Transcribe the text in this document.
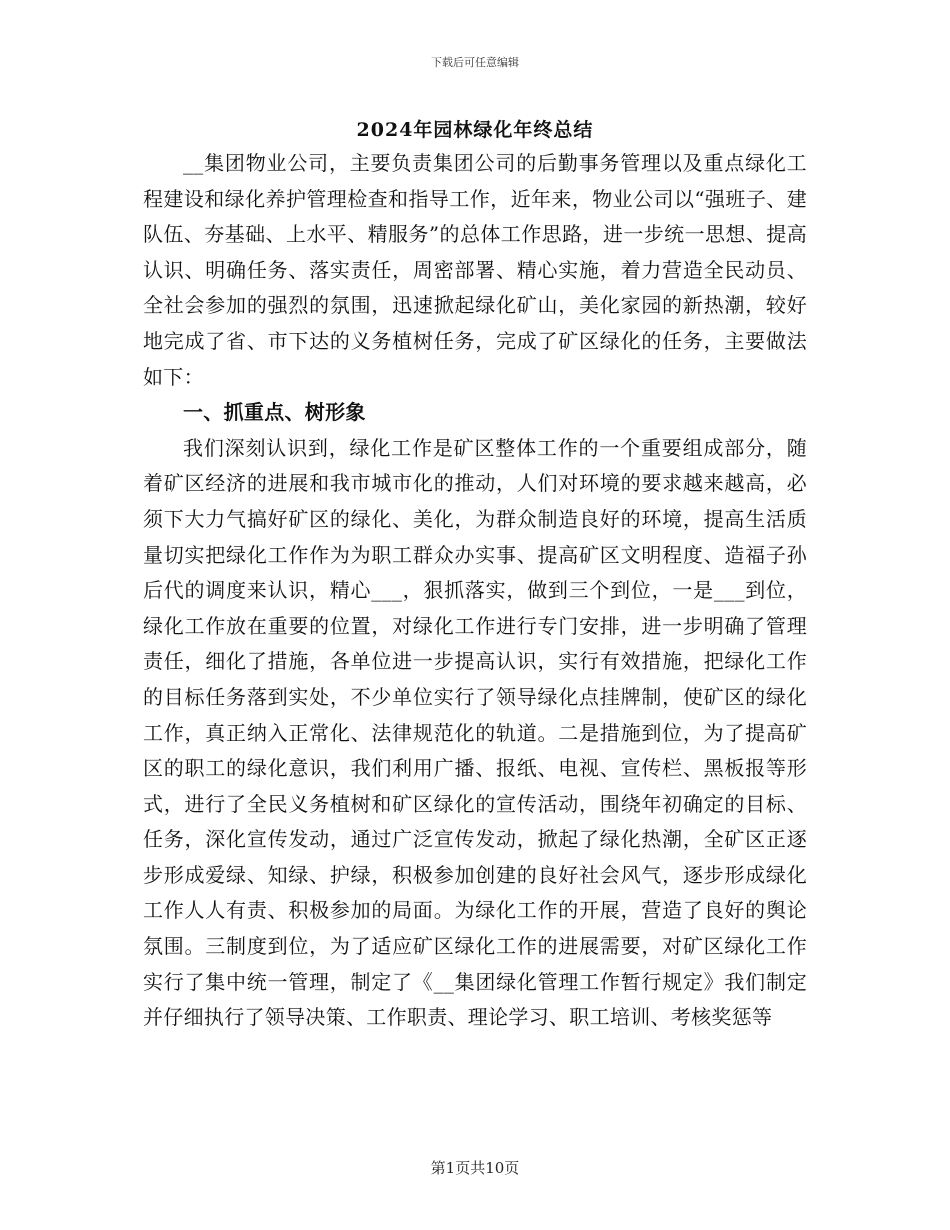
下载后可任意编辑
2024年园林绿化年终总结

__集团物业公司，主要负责集团公司的后勤事务管理以及重点绿化工程建设和绿化养护管理检查和指导工作，近年来，物业公司以“强班子、建队伍、夯基础、上水平、精服务”的总体工作思路，进一步统一思想、提高认识、明确任务、落实责任，周密部署、精心实施，着力营造全民动员、全社会参加的强烈的氛围，迅速掀起绿化矿山，美化家园的新热潮，较好地完成了省、市下达的义务植树任务，完成了矿区绿化的任务，主要做法如下：

一、抓重点、树形象

我们深刻认识到，绿化工作是矿区整体工作的一个重要组成部分，随着矿区经济的进展和我市城市化的推动，人们对环境的要求越来越高，必须下大力气搞好矿区的绿化、美化，为群众制造良好的环境，提高生活质量切实把绿化工作作为为职工群众办实事、提高矿区文明程度、造福子孙后代的调度来认识，精心___，狠抓落实，做到三个到位，一是___到位，绿化工作放在重要的位置，对绿化工作进行专门安排，进一步明确了管理责任，细化了措施，各单位进一步提高认识，实行有效措施，把绿化工作的目标任务落到实处，不少单位实行了领导绿化点挂牌制，使矿区的绿化工作，真正纳入正常化、法律规范化的轨道。二是措施到位，为了提高矿区的职工的绿化意识，我们利用广播、报纸、电视、宣传栏、黑板报等形式，进行了全民义务植树和矿区绿化的宣传活动，围绕年初确定的目标、任务，深化宣传发动，通过广泛宣传发动，掀起了绿化热潮，全矿区正逐步形成爱绿、知绿、护绿，积极参加创建的良好社会风气，逐步形成绿化工作人人有责、积极参加的局面。为绿化工作的开展，营造了良好的舆论氛围。三制度到位，为了适应矿区绿化工作的进展需要，对矿区绿化工作实行了集中统一管理，制定了《__集团绿化管理工作暂行规定》我们制定并仔细执行了领导决策、工作职责、理论学习、职工培训、考核奖惩等

第1页共10页
